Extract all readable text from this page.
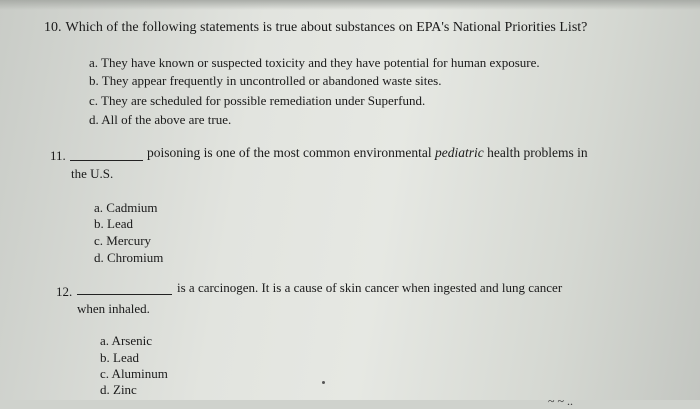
10. Which of the following statements is true about substances on EPA's National Priorities List?
a. They have known or suspected toxicity and they have potential for human exposure.
b. They appear frequently in uncontrolled or abandoned waste sites.
c. They are scheduled for possible remediation under Superfund.
d. All of the above are true.
11.	poisoning is one of the most common environmental pediatric health problems in
the U.S.
a. Cadmium
b. Lead
c. Mercury
d. Chromium
12.	is a carcinogen. It is a cause of skin cancer when ingested and lung cancer
when inhaled.
a. Arsenic
b. Lead
c. Aluminum
d. Zinc
~ ~ ..
